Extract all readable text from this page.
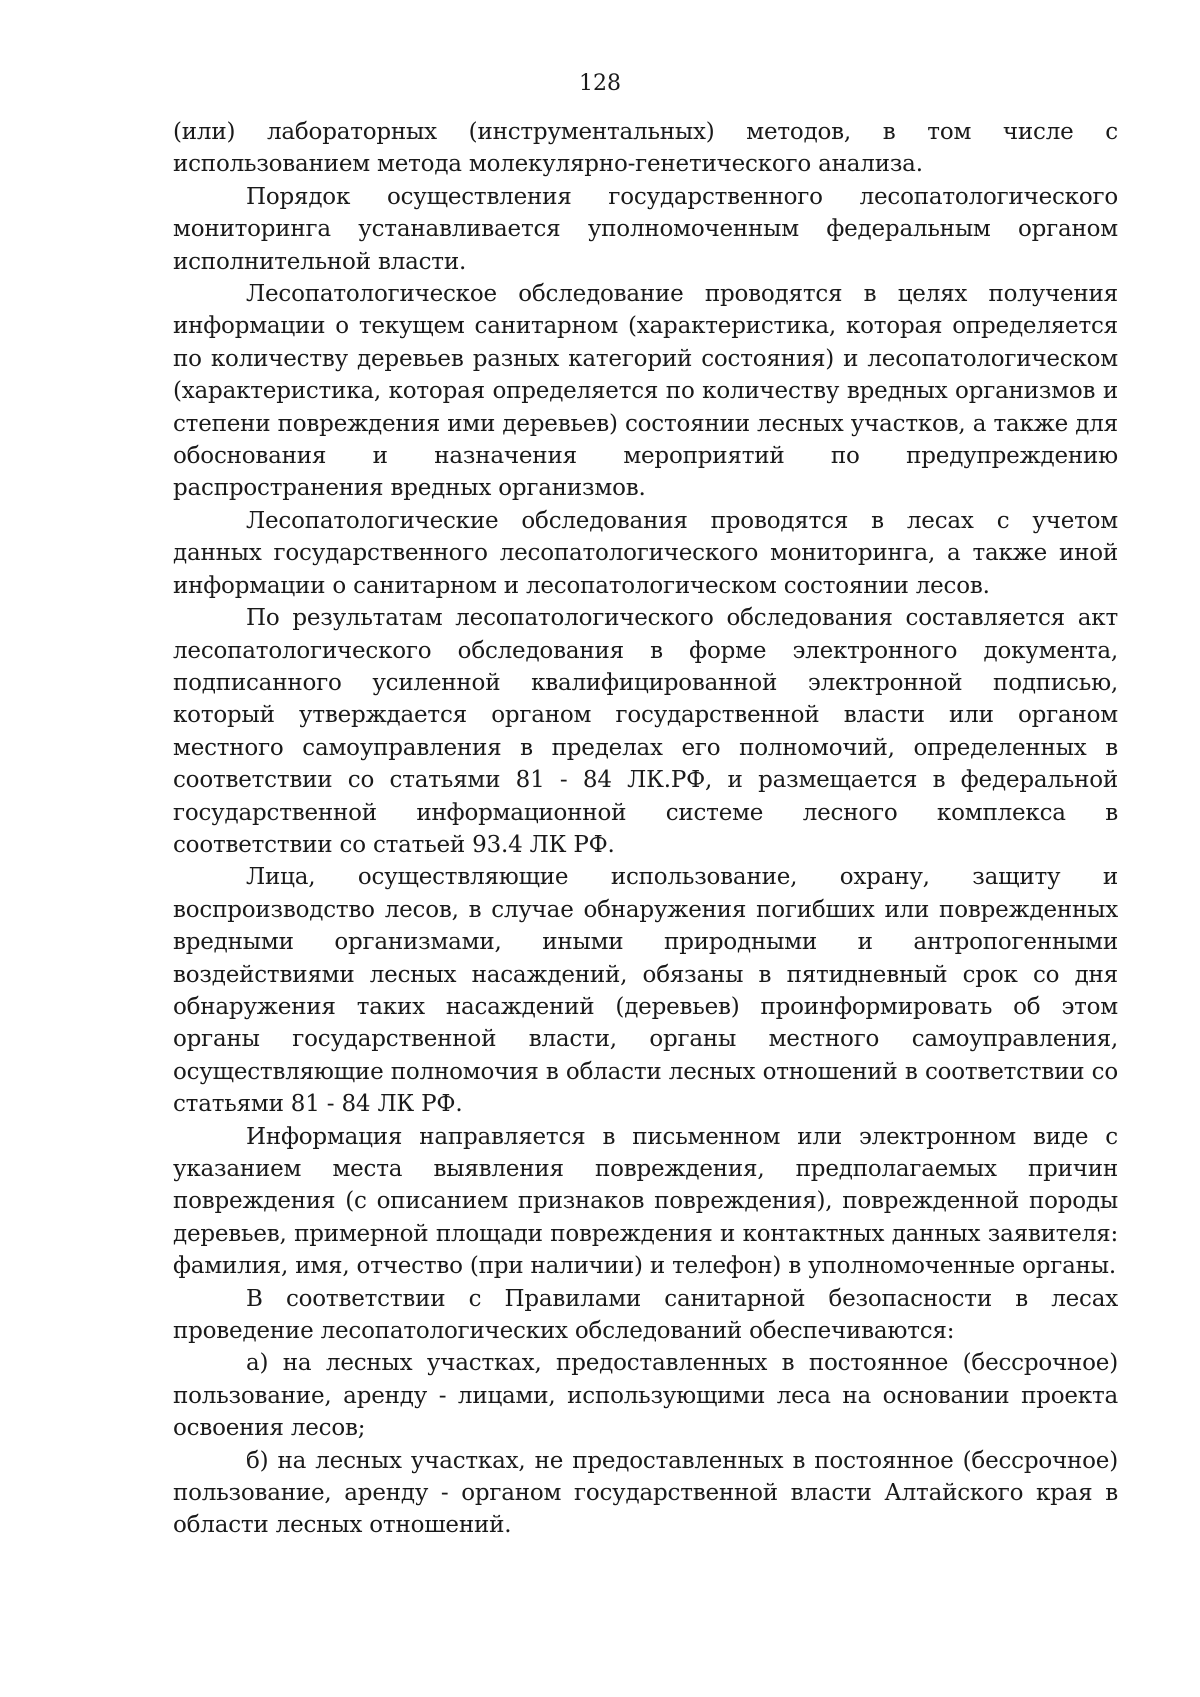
128

(или) лабораторных (инструментальных) методов, в том числе с использованием метода молекулярно-генетического анализа.

Порядок осуществления государственного лесопатологического мониторинга устанавливается уполномоченным федеральным органом исполнительной власти.

Лесопатологическое обследование проводятся в целях получения информации о текущем санитарном (характеристика, которая определяется по количеству деревьев разных категорий состояния) и лесопатологическом (характеристика, которая определяется по количеству вредных организмов и степени повреждения ими деревьев) состоянии лесных участков, а также для обоснования и назначения мероприятий по предупреждению распространения вредных организмов.

Лесопатологические обследования проводятся в лесах с учетом данных государственного лесопатологического мониторинга, а также иной информации о санитарном и лесопатологическом состоянии лесов.

По результатам лесопатологического обследования составляется акт лесопатологического обследования в форме электронного документа, подписанного усиленной квалифицированной электронной подписью, который утверждается органом государственной власти или органом местного самоуправления в пределах его полномочий, определенных в соответствии со статьями 81 - 84 ЛК.РФ, и размещается в федеральной государственной информационной системе лесного комплекса в соответствии со статьей 93.4 ЛК РФ.

Лица, осуществляющие использование, охрану, защиту и воспроизводство лесов, в случае обнаружения погибших или поврежденных вредными организмами, иными природными и антропогенными воздействиями лесных насаждений, обязаны в пятидневный срок со дня обнаружения таких насаждений (деревьев) проинформировать об этом органы государственной власти, органы местного самоуправления, осуществляющие полномочия в области лесных отношений в соответствии со статьями 81 - 84 ЛК РФ.

Информация направляется в письменном или электронном виде с указанием места выявления повреждения, предполагаемых причин повреждения (с описанием признаков повреждения), поврежденной породы деревьев, примерной площади повреждения и контактных данных заявителя: фамилия, имя, отчество (при наличии) и телефон) в уполномоченные органы.

В соответствии с Правилами санитарной безопасности в лесах проведение лесопатологических обследований обеспечиваются:

а) на лесных участках, предоставленных в постоянное (бессрочное) пользование, аренду - лицами, использующими леса на основании проекта освоения лесов;

б) на лесных участках, не предоставленных в постоянное (бессрочное) пользование, аренду - органом государственной власти Алтайского края в области лесных отношений.
